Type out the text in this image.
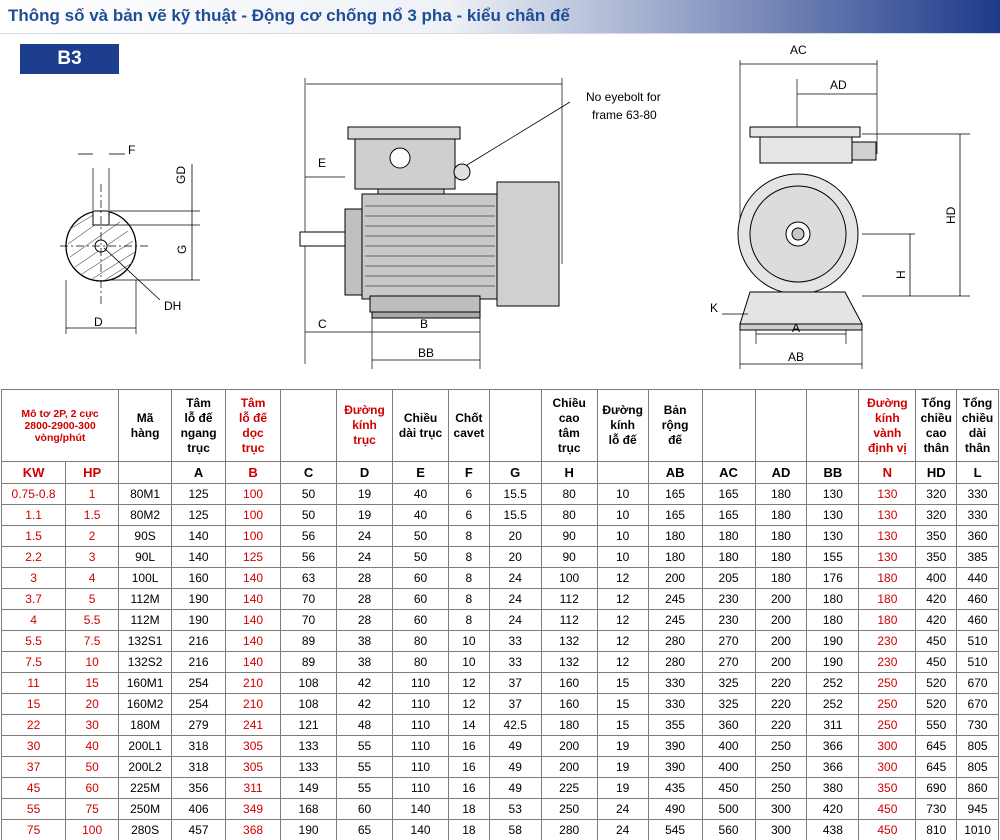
Thông số và bản vẽ kỹ thuật - Động cơ chống nổ 3 pha - kiểu chân đế
B3
F
GD
G
DH
D
No eyebolt for
frame 63-80
E
C	B
BB
AC
AD
HD
H
K
A
AB
Mô tơ 2P, 2 cực
2800-2900-300
vòng/phút		Mã
hàng	Tâm
lỗ đế
ngang
trục	Tâm
lỗ đế
dọc
trục		Đường
kính
trục	Chiều
dài trục	Chốt
cavet		Chiều
cao
tâm
trục	Đường
kính
lỗ đế	Bản
rộng
đế				Đường
kính
vành
định vị	Tổng
chiều
cao
thân	Tổng
chiều
dài
thân
KW	HP		A	B	C	D	E	F	G	H		AB	AC	AD	BB	N	HD	L
0.75-0.8	1	80M1	125	100	50	19	40	6	15.5	80	10	165	165	180	130	130	320	330
1.1	1.5	80M2	125	100	50	19	40	6	15.5	80	10	165	165	180	130	130	320	330
1.5	2	90S	140	100	56	24	50	8	20	90	10	180	180	180	130	130	350	360
2.2	3	90L	140	125	56	24	50	8	20	90	10	180	180	180	155	130	350	385
3	4	100L	160	140	63	28	60	8	24	100	12	200	205	180	176	180	400	440
3.7	5	112M	190	140	70	28	60	8	24	112	12	245	230	200	180	180	420	460
4	5.5	112M	190	140	70	28	60	8	24	112	12	245	230	200	180	180	420	460
5.5	7.5	132S1	216	140	89	38	80	10	33	132	12	280	270	200	190	230	450	510
7.5	10	132S2	216	140	89	38	80	10	33	132	12	280	270	200	190	230	450	510
11	15	160M1	254	210	108	42	110	12	37	160	15	330	325	220	252	250	520	670
15	20	160M2	254	210	108	42	110	12	37	160	15	330	325	220	252	250	520	670
22	30	180M	279	241	121	48	110	14	42.5	180	15	355	360	220	311	250	550	730
30	40	200L1	318	305	133	55	110	16	49	200	19	390	400	250	366	300	645	805
37	50	200L2	318	305	133	55	110	16	49	200	19	390	400	250	366	300	645	805
45	60	225M	356	311	149	55	110	16	49	225	19	435	450	250	380	350	690	860
55	75	250M	406	349	168	60	140	18	53	250	24	490	500	300	420	450	730	945
75	100	280S	457	368	190	65	140	18	58	280	24	545	560	300	438	450	810	1010
